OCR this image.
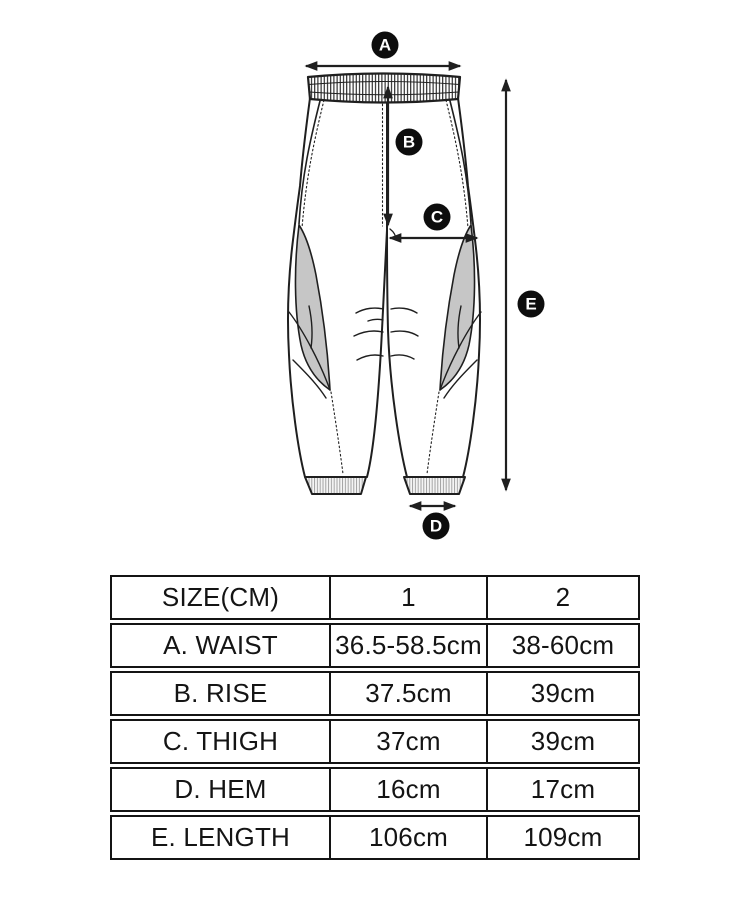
A
B
C
D
E
SIZE(CM)	1	2
A. WAIST	36.5-58.5cm	38-60cm
B. RISE	37.5cm	39cm
C. THIGH	37cm	39cm
D. HEM	16cm	17cm
E. LENGTH	106cm	109cm
